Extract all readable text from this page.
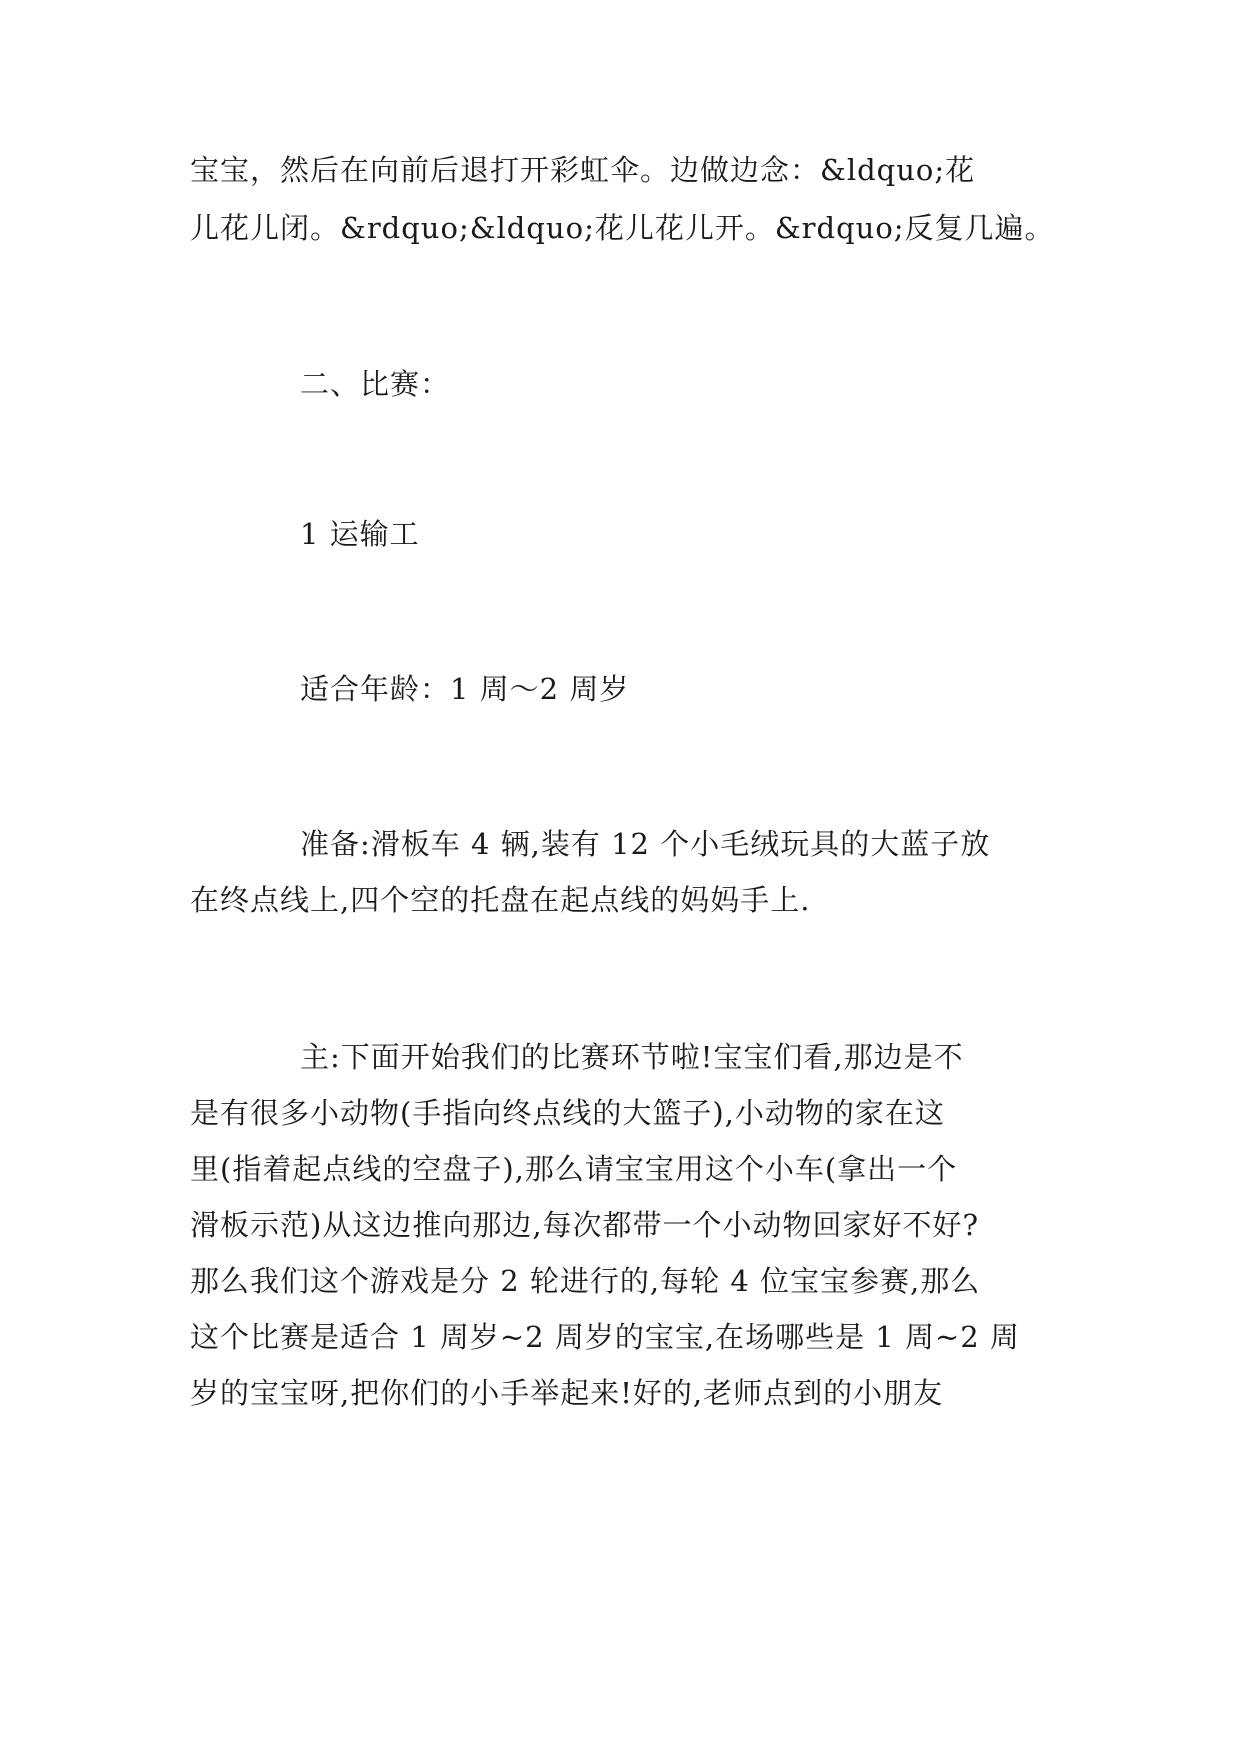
宝宝，然后在向前后退打开彩虹伞。边做边念：&ldquo;花
儿花儿闭。&rdquo;&ldquo;花儿花儿开。&rdquo;反复几遍。
二、比赛：
1 运输工
适合年龄：1 周～2 周岁
准备:滑板车 4 辆,装有 12 个小毛绒玩具的大蓝子放
在终点线上,四个空的托盘在起点线的妈妈手上.
主:下面开始我们的比赛环节啦!宝宝们看,那边是不
是有很多小动物(手指向终点线的大篮子),小动物的家在这
里(指着起点线的空盘子),那么请宝宝用这个小车(拿出一个
滑板示范)从这边推向那边,每次都带一个小动物回家好不好?
那么我们这个游戏是分 2 轮进行的,每轮 4 位宝宝参赛,那么
这个比赛是适合 1 周岁~2 周岁的宝宝,在场哪些是 1 周~2 周
岁的宝宝呀,把你们的小手举起来!好的,老师点到的小朋友
